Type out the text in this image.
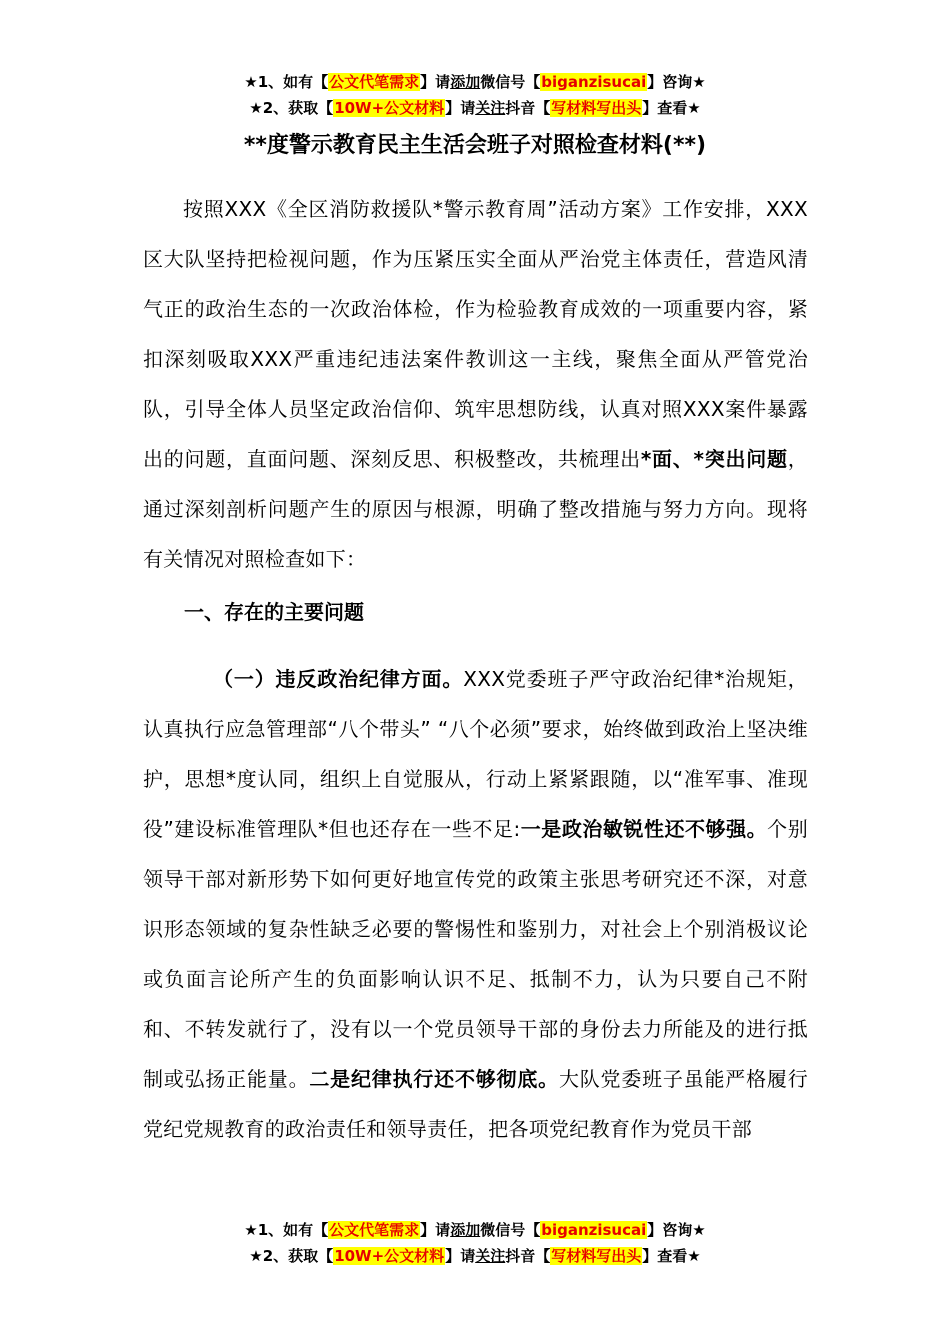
★1、如有【公文代笔需求】请添加微信号【biganzisucai】咨询★
★2、获取【10W+公文材料】请关注抖音【写材料写出头】查看★
**度警示教育民主生活会班子对照检查材料(**)
按照XXX《全区消防救援队*警示教育周”活动方案》工作安排，XXX区大队坚持把检视问题，作为压紧压实全面从严治党主体责任，营造风清气正的政治生态的一次政治体检，作为检验教育成效的一项重要内容，紧扣深刻吸取XXX严重违纪违法案件教训这一主线，聚焦全面从严管党治队，引导全体人员坚定政治信仰、筑牢思想防线，认真对照XXX案件暴露出的问题，直面问题、深刻反思、积极整改，共梳理出*面、*突出问题，通过深刻剖析问题产生的原因与根源，明确了整改措施与努力方向。现将有关情况对照检查如下：
一、存在的主要问题
（一）违反政治纪律方面。XXX党委班子严守政治纪律*治规矩，认真执行应急管理部“八个带头” “八个必须”要求，始终做到政治上坚决维护，思想*度认同，组织上自觉服从，行动上紧紧跟随，以“准军事、准现役”建设标准管理队*但也还存在一些不足:一是政治敏锐性还不够强。个别领导干部对新形势下如何更好地宣传党的政策主张思考研究还不深，对意识形态领域的复杂性缺乏必要的警惕性和鉴别力，对社会上个别消极议论或负面言论所产生的负面影响认识不足、抵制不力，认为只要自己不附和、不转发就行了，没有以一个党员领导干部的身份去力所能及的进行抵制或弘扬正能量。二是纪律执行还不够彻底。大队党委班子虽能严格履行党纪党规教育的政治责任和领导责任，把各项党纪教育作为党员干部
★1、如有【公文代笔需求】请添加微信号【biganzisucai】咨询★
★2、获取【10W+公文材料】请关注抖音【写材料写出头】查看★
